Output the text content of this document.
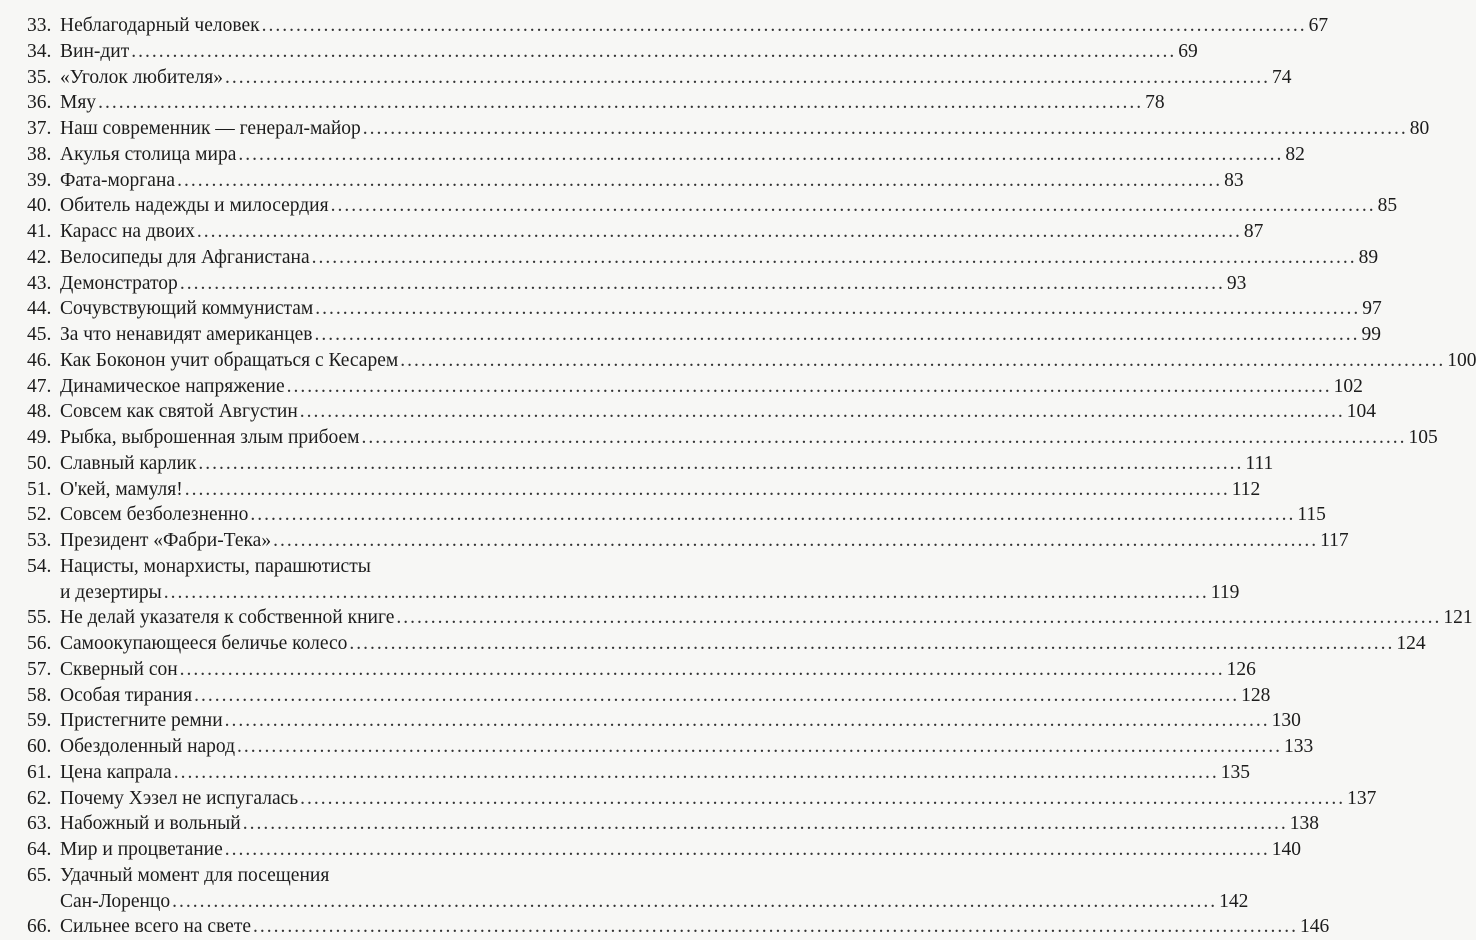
33. Неблагодарный человек .....	67
34. Вин-дит .....	69
35. «Уголок любителя» .....	74
36. Мяу .....	78
37. Наш современник — генерал-майор .....	80
38. Акулья столица мира .....	82
39. Фата-моргана .....	83
40. Обитель надежды и милосердия .....	85
41. Карасс на двоих .....	87
42. Велосипеды для Афганистана .....	89
43. Демонстратор .....	93
44. Сочувствующий коммунистам .....	97
45. За что ненавидят американцев .....	99
46. Как Боконон учит обращаться с Кесарем .....	100
47. Динамическое напряжение .....	102
48. Совсем как святой Августин .....	104
49. Рыбка, выброшенная злым прибоем .....	105
50. Славный карлик .....	111
51. О'кей, мамуля! .....	112
52. Совсем безболезненно .....	115
53. Президент «Фабри-Тека» .....	117
54. Нацисты, монархисты, парашютисты
и дезертиры .....	119
55. Не делай указателя к собственной книге .....	121
56. Самоокупающееся беличье колесо .....	124
57. Скверный сон .....	126
58. Особая тирания .....	128
59. Пристегните ремни .....	130
60. Обездоленный народ .....	133
61. Цена капрала .....	135
62. Почему Хэзел не испугалась .....	137
63. Набожный и вольный .....	138
64. Мир и процветание .....	140
65. Удачный момент для посещения
Сан-Лоренцо .....	142
66. Сильнее всего на свете .....	146
